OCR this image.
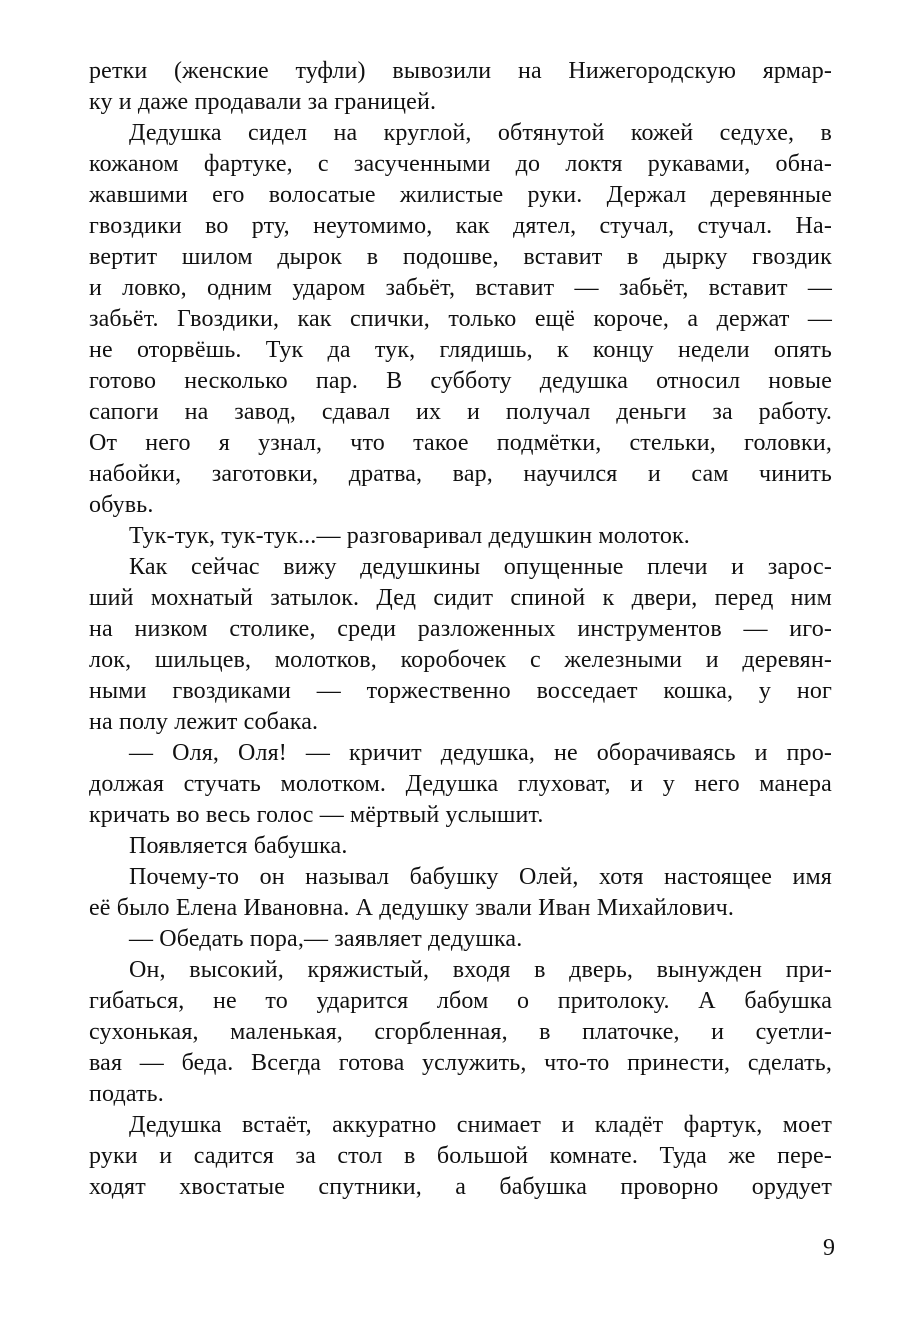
ретки (женские туфли) вывозили на Нижегородскую ярмар-
ку и даже продавали за границей.
Дедушка сидел на круглой, обтянутой кожей седухе, в
кожаном фартуке, с засученными до локтя рукавами, обна-
жавшими его волосатые жилистые руки. Держал деревянные
гвоздики во рту, неутомимо, как дятел, стучал, стучал. На-
вертит шилом дырок в подошве, вставит в дырку гвоздик
и ловко, одним ударом забьёт, вставит — забьёт, вставит —
забьёт. Гвоздики, как спички, только ещё короче, а держат —
не оторвёшь. Тук да тук, глядишь, к концу недели опять
готово несколько пар. В субботу дедушка относил новые
сапоги на завод, сдавал их и получал деньги за работу.
От него я узнал, что такое подмётки, стельки, головки,
набойки, заготовки, дратва, вар, научился и сам чинить
обувь.
Тук-тук, тук-тук...— разговаривал дедушкин молоток.
Как сейчас вижу дедушкины опущенные плечи и зарос-
ший мохнатый затылок. Дед сидит спиной к двери, перед ним
на низком столике, среди разложенных инструментов — иго-
лок, шильцев, молотков, коробочек с железными и деревян-
ными гвоздиками — торжественно восседает кошка, у ног
на полу лежит собака.
— Оля, Оля! — кричит дедушка, не оборачиваясь и про-
должая стучать молотком. Дедушка глуховат, и у него манера
кричать во весь голос — мёртвый услышит.
Появляется бабушка.
Почему-то он называл бабушку Олей, хотя настоящее имя
её было Елена Ивановна. А дедушку звали Иван Михайлович.
— Обедать пора,— заявляет дедушка.
Он, высокий, кряжистый, входя в дверь, вынужден при-
гибаться, не то ударится лбом о притолоку. А бабушка
сухонькая, маленькая, сгорбленная, в платочке, и суетли-
вая — беда. Всегда готова услужить, что-то принести, сделать,
подать.
Дедушка встаёт, аккуратно снимает и кладёт фартук, моет
руки и садится за стол в большой комнате. Туда же пере-
ходят хвостатые спутники, а бабушка проворно орудует
9
